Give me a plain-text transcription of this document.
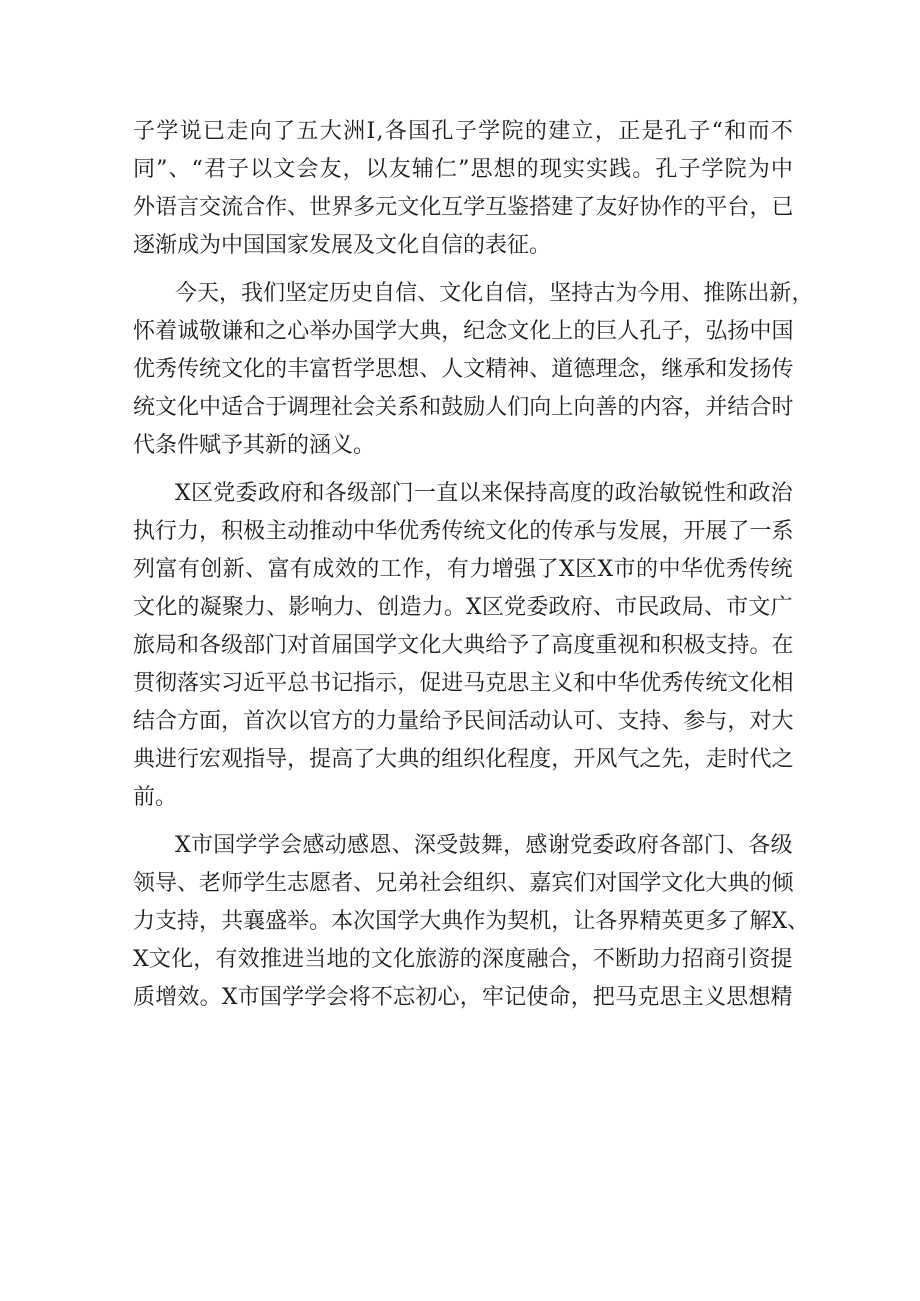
子 学 说 已 走 向 了 五 大 洲 Ⅰ , 各 国 孔 子 学 院 的 建 立 ， 正 是 孔 子 “ 和 而 不
同 ” 、 “ 君 子 以 文 会 友 ， 以 友 辅 仁 ” 思 想 的 现 实 实 践 。 孔 子 学 院 为 中
外 语 言 交 流 合 作 、 世 界 多 元 文 化 互 学 互 鉴 搭 建 了 友 好 协 作 的 平 台 ， 已
逐渐成为中国国家发展及文化自信的表征。
今 天 ， 我 们 坚 定 历 史 自 信 、 文 化 自 信 ， 坚 持 古 为 今 用 、 推 陈 出 新 ，
怀 着 诚 敬 谦 和 之 心 举 办 国 学 大 典 ， 纪 念 文 化 上 的 巨 人 孔 子 ， 弘 扬 中 国
优 秀 传 统 文 化 的 丰 富 哲 学 思 想 、 人 文 精 神 、 道 德 理 念 ， 继 承 和 发 扬 传
统 文 化 中 适 合 于 调 理 社 会 关 系 和 鼓 励 人 们 向 上 向 善 的 内 容 ， 并 结 合 时
代条件赋予其新的涵义。
X 区 党 委 政 府 和 各 级 部 门 一 直 以 来 保 持 高 度 的 政 治 敏 锐 性 和 政 治
执 行 力 ， 积 极 主 动 推 动 中 华 优 秀 传 统 文 化 的 传 承 与 发 展 ， 开 展 了 一 系
列 富 有 创 新 、 富 有 成 效 的 工 作 ， 有 力 增 强 了 X 区 X 市 的 中 华 优 秀 传 统
文 化 的 凝 聚 力 、 影 响 力 、 创 造 力 。 X 区 党 委 政 府 、 市 民 政 局 、 市 文 广
旅 局 和 各 级 部 门 对 首 届 国 学 文 化 大 典 给 予 了 高 度 重 视 和 积 极 支 持 。 在
贯 彻 落 实 习 近 平 总 书 记 指 示 ， 促 进 马 克 思 主 义 和 中 华 优 秀 传 统 文 化 相
结 合 方 面 ， 首 次 以 官 方 的 力 量 给 予 民 间 活 动 认 可 、 支 持 、 参 与 ， 对 大
典 进 行 宏 观 指 导 ， 提 高 了 大 典 的 组 织 化 程 度 ， 开 风 气 之 先 ， 走 时 代 之
前。
X 市 国 学 学 会 感 动 感 恩 、 深 受 鼓 舞 ， 感 谢 党 委 政 府 各 部 门 、 各 级
领 导 、 老 师 学 生 志 愿 者 、 兄 弟 社 会 组 织 、 嘉 宾 们 对 国 学 文 化 大 典 的 倾
力 支 持 ， 共 襄 盛 举 。 本 次 国 学 大 典 作 为 契 机 ， 让 各 界 精 英 更 多 了 解 X 、
X 文 化 ， 有 效 推 进 当 地 的 文 化 旅 游 的 深 度 融 合 ， 不 断 助 力 招 商 引 资 提
质 增 效 。 X 市 国 学 学 会 将 不 忘 初 心 ， 牢 记 使 命 ， 把 马 克 思 主 义 思 想 精
